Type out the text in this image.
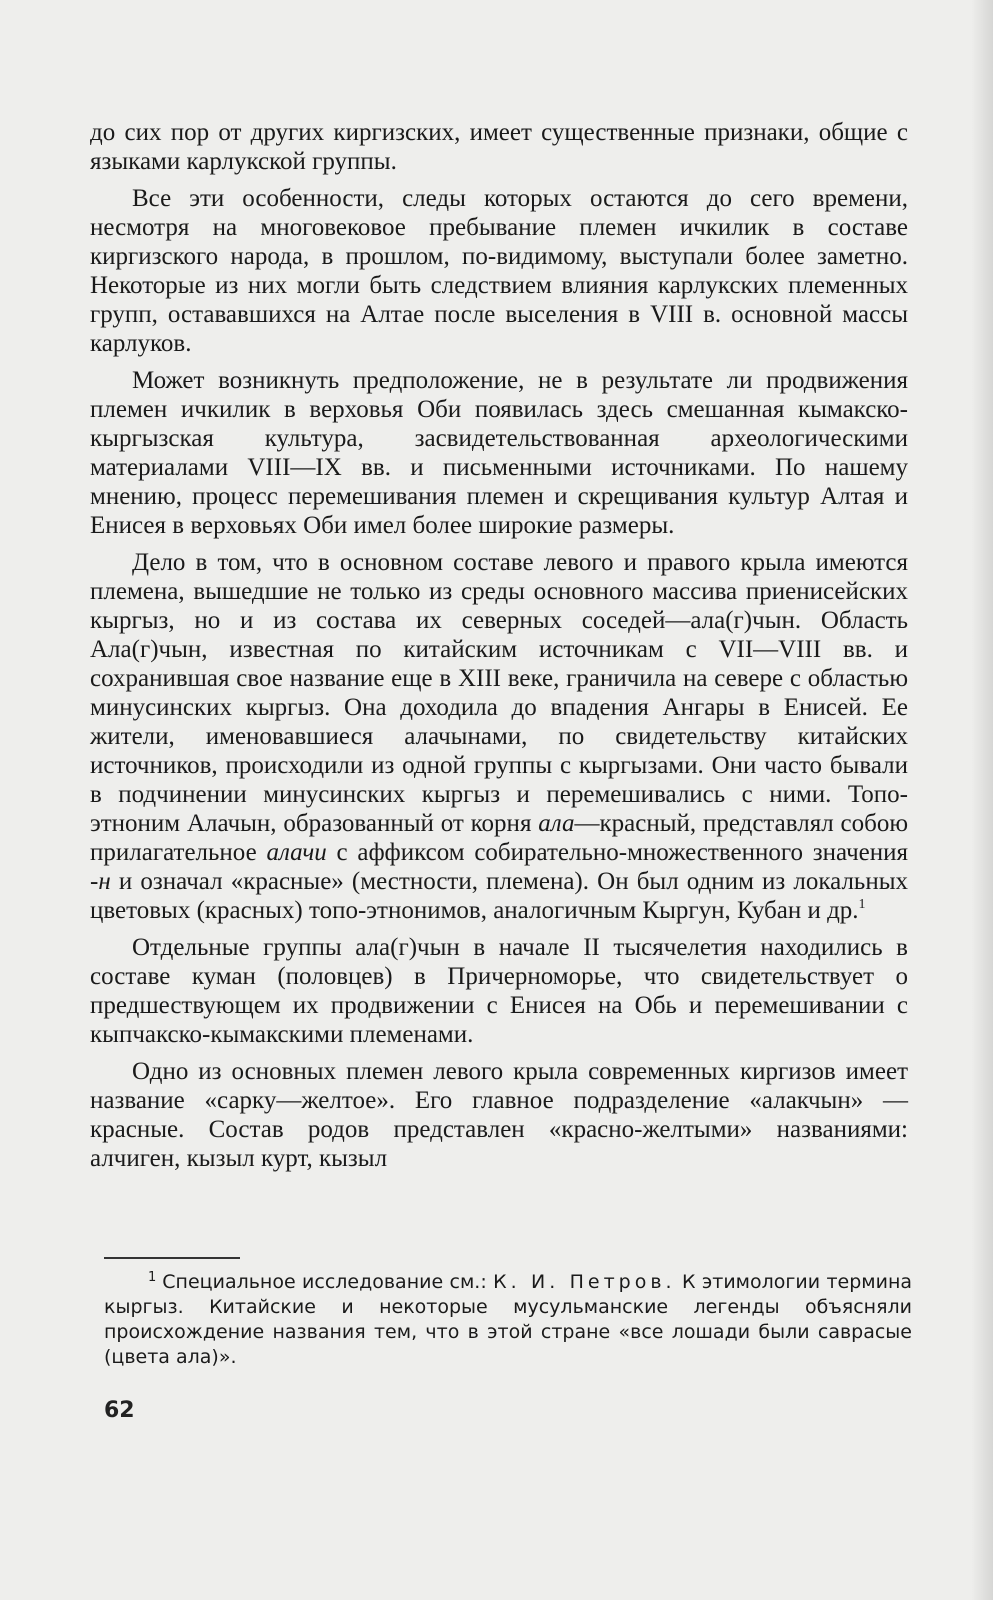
до сих пор от других киргизских, имеет существенные признаки, общие с языками карлукской группы.

Все эти особенности, следы которых остаются до сего времени, несмотря на многовековое пребывание племен ичкилик в составе киргизского народа, в прошлом, по-видимому, выступали более заметно. Некоторые из них могли быть следствием влияния карлукских племенных групп, остававшихся на Алтае после выселения в VIII в. основной массы карлуков.

Может возникнуть предположение, не в результате ли продвижения племен ичкилик в верховья Оби появилась здесь смешанная кымакско-кыргызская культура, засвидетельствованная археологическими материалами VIII—IX вв. и письменными источниками. По нашему мнению, процесс перемешивания племен и скрещивания культур Алтая и Енисея в верховьях Оби имел более широкие размеры.

Дело в том, что в основном составе левого и правого крыла имеются племена, вышедшие не только из среды основного массива приенисейских кыргыз, но и из состава их северных соседей—ала(г)чын. Область Ала(г)чын, известная по китайским источникам с VII—VIII вв. и сохранившая свое название еще в XIII веке, граничила на севере с областью минусинских кыргыз. Она доходила до впадения Ангары в Енисей. Ее жители, именовавшиеся алачынами, по свидетельству китайских источников, происходили из одной группы с кыргызами. Они часто бывали в подчинении минусинских кыргыз и перемешивались с ними. Топо-этноним Алачын, образованный от корня ала—красный, представлял собою прилагательное алачи с аффиксом собирательно-множественного значения -н и означал «красные» (местности, племена). Он был одним из локальных цветовых (красных) топо-этнонимов, аналогичным Кыргун, Кубан и др.$^1$

Отдельные группы ала(г)чын в начале II тысячелетия находились в составе куман (половцев) в Причерноморье, что свидетельствует о предшествующем их продвижении с Енисея на Обь и перемешивании с кыпчакско-кымакскими племенами.

Одно из основных племен левого крыла современных киргизов имеет название «сарку—желтое». Его главное подразделение «алакчын» — красные. Состав родов представлен «красно-желтыми» названиями: алчиген, кызыл курт, кызыл

$^1$ Специальное исследование см.: К. И. Петров. К этимологии термина кыргыз. Китайские и некоторые мусульманские легенды объясняли происхождение названия тем, что в этой стране «все лошади были саврасые (цвета ала)».
62
